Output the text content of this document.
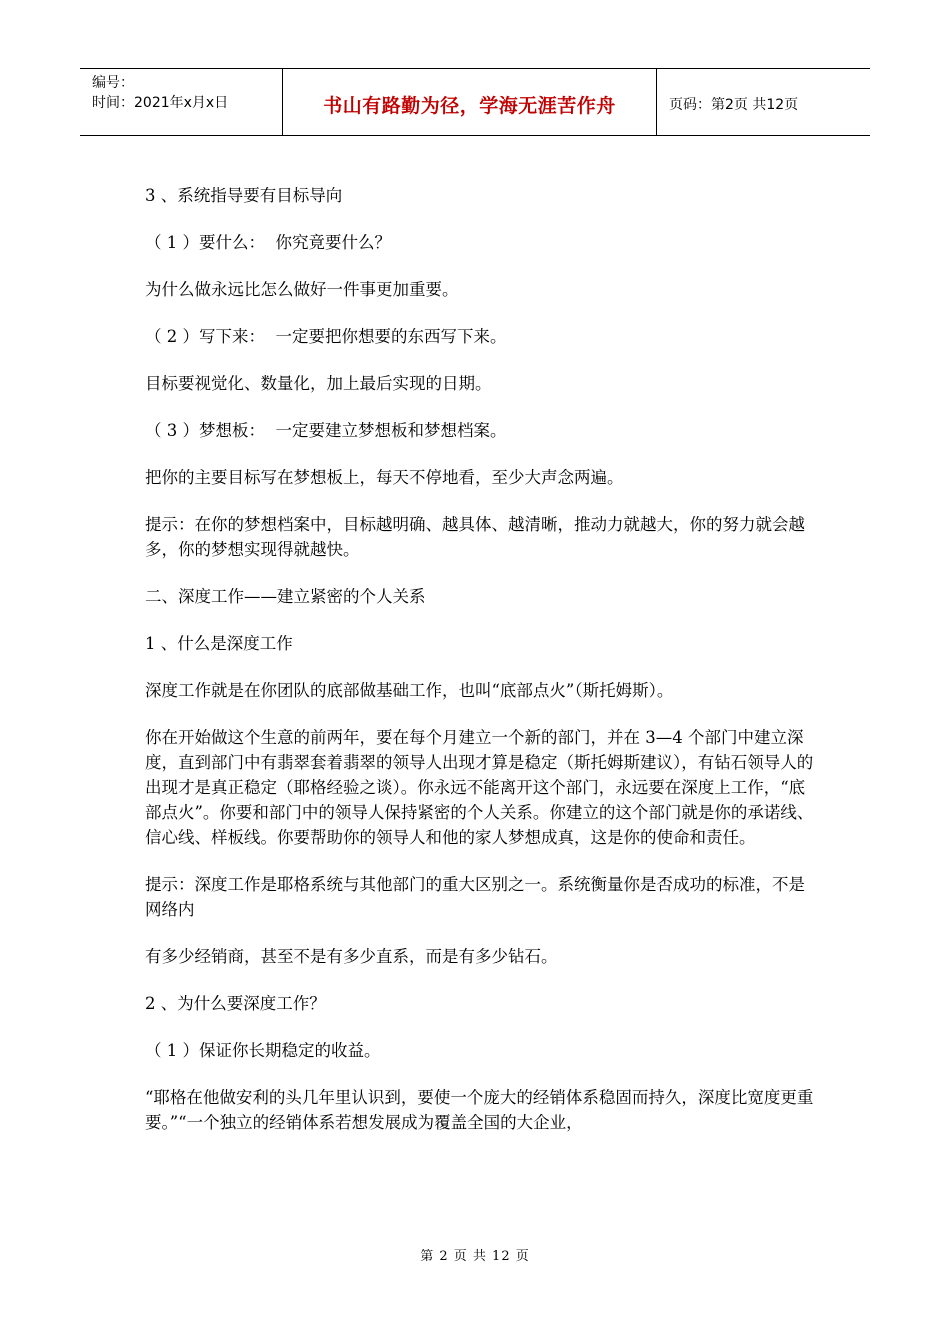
编号：
时间：2021年x月x日	书山有路勤为径，学海无涯苦作舟	页码：第2页 共12页

3 、系统指导要有目标导向

（ 1 ）要什么：  你究竟要什么？

为什么做永远比怎么做好一件事更加重要。

（ 2 ）写下来：  一定要把你想要的东西写下来。

目标要视觉化、数量化，加上最后实现的日期。

（ 3 ）梦想板：  一定要建立梦想板和梦想档案。

把你的主要目标写在梦想板上，每天不停地看，至少大声念两遍。

提示：在你的梦想档案中，目标越明确、越具体、越清晰，推动力就越大，你的努力就会越多，你的梦想实现得就越快。

二、深度工作——建立紧密的个人关系

1 、什么是深度工作

深度工作就是在你团队的底部做基础工作，也叫“底部点火”（斯托姆斯）。

你在开始做这个生意的前两年，要在每个月建立一个新的部门，并在 3—4 个部门中建立深度，直到部门中有翡翠套着翡翠的领导人出现才算是稳定（斯托姆斯建议），有钻石领导人的出现才是真正稳定（耶格经验之谈）。你永远不能离开这个部门，永远要在深度上工作，“底部点火”。你要和部门中的领导人保持紧密的个人关系。你建立的这个部门就是你的承诺线、信心线、样板线。你要帮助你的领导人和他的家人梦想成真，这是你的使命和责任。

提示：深度工作是耶格系统与其他部门的重大区别之一。系统衡量你是否成功的标准，不是网络内

有多少经销商，甚至不是有多少直系，而是有多少钻石。

2 、为什么要深度工作？

（ 1 ）保证你长期稳定的收益。

“耶格在他做安利的头几年里认识到，要使一个庞大的经销体系稳固而持久，深度比宽度更重要。”“一个独立的经销体系若想发展成为覆盖全国的大企业，

第 2 页 共 12 页
